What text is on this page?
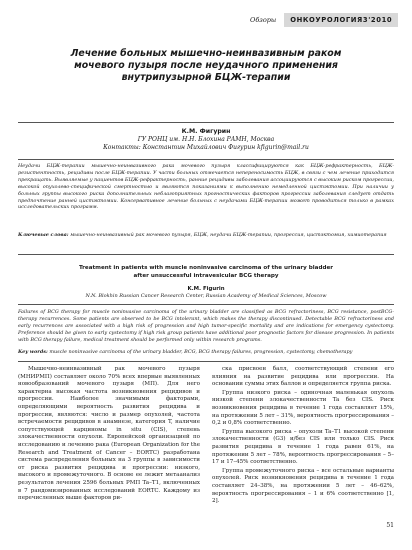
Обзоры ОНКОУРОЛОГИЯ 3'2010
Лечение больных мышечно-неинвазивным раком
мочевого пузыря после неудачного применения
внутрипузырной БЦЖ-терапии
К.М. Фигурин
ГУ РОНЦ им. Н.Н. Блохина РАМН, Москва
Контакты: Константин Михайлович Фигурин kfigurin@mail.ru
Неудачи БЦЖ-терапии мышечно-неинвазивного рака мочевого пузыря классифицируются как БЦЖ-рефрактерность, БЦЖ-резистентность, рецидивы после БЦЖ-терапии. У части больных отмечается непереносимость БЦЖ, в связи с чем лечение приходится прекращать. Выявляемые у пациентов БЦЖ-рефрактерность, ранние рецидивы заболевания ассоциируются с высоким риском прогрессии, высокой опухолево-специфической смертностью и являются показаниями к выполнению немедленной цистэктомии. При наличии у больных группы высокого риска дополнительных неблагоприятных прогностических факторов прогрессии заболевания следует отдать предпочтение ранней цистэктомии. Консервативное лечение больных с неудачами БЦЖ-терапии может проводиться только в рамках исследовательских программ.
Ключевые слова: мышечно-неинвазивный рак мочевого пузыря, БЦЖ, неудачи БЦЖ-терапии, прогрессия, цистэктомия, химиотерапия
Treatment in patients with muscle noninvasive carcinoma of the urinary bladder
after unsuccessful intravesicular BCG therapy
K.M. Figurin
N.N. Blokhin Russian Cancer Research Center, Russian Academy of Medical Sciences, Moscow
Failures of BCG therapy for muscle noninvasive carcinoma of the urinary bladder are classified as BCG refractoriness, BCG resistance, postBCG-therapy recurrences. Some patients are observed to be BCG intolerant, which makes the therapy discontinued. Detectable BCG refractoriness and early recurrences are associated with a high risk of progression and high tumor-specific mortality and are indications for emergency cystectomy. Preference should be given to early cystectomy if high risk group patients have additional poor prognostic factors for disease progression. In patients with BCG therapy failure, medical treatment should be performed only within research programs.
Key words: muscle noninvasive carcinoma of the urinary bladder, BCG, BCG therapy failures, progression, cystectomy, chemotherapy

Мышечно-неинвазивный рак мочевого пузыря (МНИРМП) составляет около 70% всех впервые выявленных новообразований мочевого пузыря (МП). Для него характерна высокая частота возникновения рецидивов и прогрессии. Наиболее значимыми факторами, определяющими вероятность развития рецидива и прогрессии, являются: число и размер опухолей, частота встречаемости рецидивов в анамнезе, категория T, наличие сопутствующей карциномы in situ (CIS), степень злокачественности опухоли. Европейской организацией по исследованию и лечению рака (European Organization for the Research and Treatment of Cancer – EORTC) разработана система распределения больных на 3 группы в зависимости от риска развития рецидива и прогрессии: низкого, высокого и промежуточного. В основе ее лежит метаанализ результатов лечения 2596 больных РМП Ta–T1, включенных в 7 рандомизированных исследований EORTC. Каждому из перечисленных выше факторов ри-

ска присвоен балл, соответствующий степени его влияния на развитие рецидива или прогрессии. На основании суммы этих баллов и определяется группа риска.

Группа низкого риска – одиночная маленькая опухоль низкой степени злокачественности Ta без CIS. Риск возникновения рецидива в течение 1 года составляет 15%, на протяжении 5 лет – 31%, вероятность прогрессирования – 0,2 и 0,8% соответственно.

Группа высокого риска – опухоли Ta–T1 высокой степени злокачественности (G3) и/без CIS или только CIS. Риск развития рецидива в течение 1 года равен 61%, на протяжении 5 лет – 78%, вероятность прогрессирования – 5–17 и 17–45% соответственно.

Группа промежуточного риска – все остальные варианты опухолей. Риск возникновения рецидива в течение 1 года составляет 24–38%, на протяжении 5 лет – 46–62%, вероятность прогрессирования – 1 и 6% соответственно [1, 2].

51
